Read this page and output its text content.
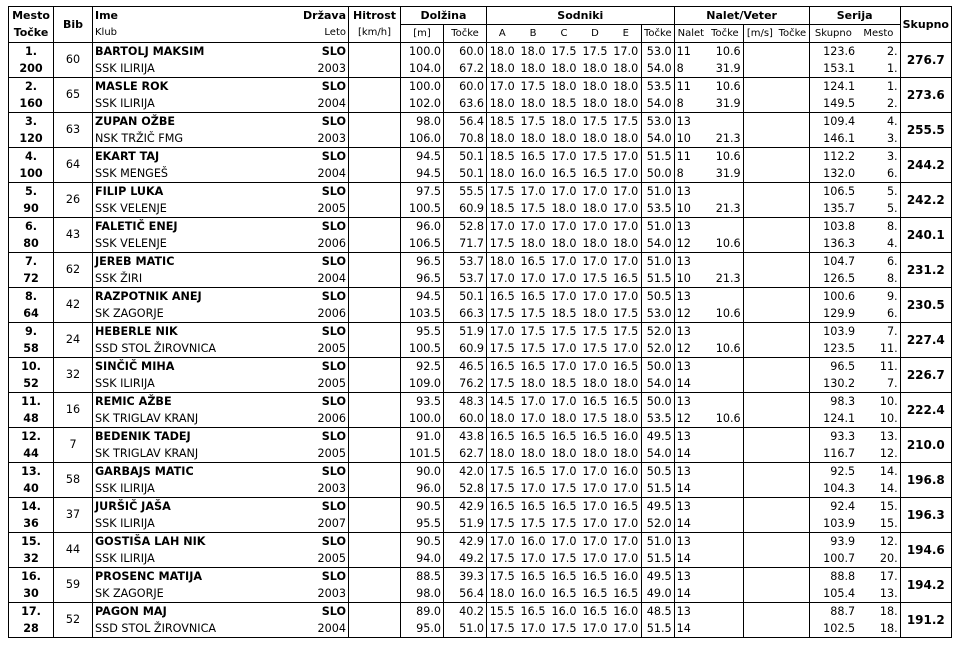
Mesto	Bib	Ime	Država	Hitrost	Dolžina		Sodniki						Nalet/Veter				Serija		Skupno
Točke		Klub	Leto	[km/h]	[m]	Točke	A	B	C	D	E	Točke	Nalet	Točke	[m/s]	Točke	Skupno	Mesto	
1.	60	BARTOLJ MAKSIM	SLO		100.0	60.0	18.0	18.0	17.5	17.5	17.0	53.0	11	10.6			123.6	2.	276.7
200		SSK ILIRIJA	2003		104.0	67.2	18.0	18.0	18.0	18.0	18.0	54.0	8	31.9			153.1	1.	
2.	65	MASLE ROK	SLO		100.0	60.0	17.0	17.5	18.0	18.0	18.0	53.5	11	10.6			124.1	1.	273.6
160		SSK ILIRIJA	2004		102.0	63.6	18.0	18.0	18.5	18.0	18.0	54.0	8	31.9			149.5	2.	
3.	63	ZUPAN OŽBE	SLO		98.0	56.4	18.5	17.5	18.0	17.5	17.5	53.0	13				109.4	4.	255.5
120		NSK TRŽIČ FMG	2003		106.0	70.8	18.0	18.0	18.0	18.0	18.0	54.0	10	21.3			146.1	3.	
4.	64	EKART TAJ	SLO		94.5	50.1	18.5	16.5	17.0	17.5	17.0	51.5	11	10.6			112.2	3.	244.2
100		SSK MENGEŠ	2004		94.5	50.1	18.0	16.0	16.5	16.5	17.0	50.0	8	31.9			132.0	6.	
5.	26	FILIP LUKA	SLO		97.5	55.5	17.5	17.0	17.0	17.0	17.0	51.0	13				106.5	5.	242.2
90		SSK VELENJE	2005		100.5	60.9	18.5	17.5	18.0	18.0	17.0	53.5	10	21.3			135.7	5.	
6.	43	FALETIČ ENEJ	SLO		96.0	52.8	17.0	17.0	17.0	17.0	17.0	51.0	13				103.8	8.	240.1
80		SSK VELENJE	2006		106.5	71.7	17.5	18.0	18.0	18.0	18.0	54.0	12	10.6			136.3	4.	
7.	62	JEREB MATIC	SLO		96.5	53.7	18.0	16.5	17.0	17.0	17.0	51.0	13				104.7	6.	231.2
72		SSK ŽIRI	2004		96.5	53.7	17.0	17.0	17.0	17.5	16.5	51.5	10	21.3			126.5	8.	
8.	42	RAZPOTNIK ANEJ	SLO		94.5	50.1	16.5	16.5	17.0	17.0	17.0	50.5	13				100.6	9.	230.5
64		SK ZAGORJE	2006		103.5	66.3	17.5	17.5	18.5	18.0	17.5	53.0	12	10.6			129.9	6.	
9.	24	HEBERLE NIK	SLO		95.5	51.9	17.0	17.5	17.5	17.5	17.5	52.0	13				103.9	7.	227.4
58		SSD STOL ŽIROVNICA	2005		100.5	60.9	17.5	17.5	17.0	17.5	17.0	52.0	12	10.6			123.5	11.	
10.	32	SINČIČ MIHA	SLO		92.5	46.5	16.5	16.5	17.0	17.0	16.5	50.0	13				96.5	11.	226.7
52		SSK ILIRIJA	2005		109.0	76.2	17.5	18.0	18.5	18.0	18.0	54.0	14				130.2	7.	
11.	16	REMIC AŽBE	SLO		93.5	48.3	14.5	17.0	17.0	16.5	16.5	50.0	13				98.3	10.	222.4
48		SK TRIGLAV KRANJ	2006		100.0	60.0	18.0	17.0	18.0	17.5	18.0	53.5	12	10.6			124.1	10.	
12.	7	BEDENIK TADEJ	SLO		91.0	43.8	16.5	16.5	16.5	16.5	16.0	49.5	13				93.3	13.	210.0
44		SK TRIGLAV KRANJ	2005		101.5	62.7	18.0	18.0	18.0	18.0	18.0	54.0	14				116.7	12.	
13.	58	GARBAJS MATIC	SLO		90.0	42.0	17.5	16.5	17.0	17.0	16.0	50.5	13				92.5	14.	196.8
40		SSK ILIRIJA	2003		96.0	52.8	17.5	17.0	17.5	17.0	17.0	51.5	14				104.3	14.	
14.	37	JURŠIČ JAŠA	SLO		90.5	42.9	16.5	16.5	16.5	17.0	16.5	49.5	13				92.4	15.	196.3
36		SSK ILIRIJA	2007		95.5	51.9	17.5	17.5	17.5	17.0	17.0	52.0	14				103.9	15.	
15.	44	GOSTIŠA LAH NIK	SLO		90.5	42.9	17.0	16.0	17.0	17.0	17.0	51.0	13				93.9	12.	194.6
32		SSK ILIRIJA	2005		94.0	49.2	17.5	17.0	17.5	17.0	17.0	51.5	14				100.7	20.	
16.	59	PROSENC MATIJA	SLO		88.5	39.3	17.5	16.5	16.5	16.5	16.0	49.5	13				88.8	17.	194.2
30		SK ZAGORJE	2003		98.0	56.4	18.0	16.0	16.5	16.5	16.5	49.0	14				105.4	13.	
17.	52	PAGON MAJ	SLO		89.0	40.2	15.5	16.5	16.0	16.5	16.0	48.5	13				88.7	18.	191.2
28		SSD STOL ŽIROVNICA	2004		95.0	51.0	17.5	17.0	17.5	17.0	17.0	51.5	14				102.5	18.	
